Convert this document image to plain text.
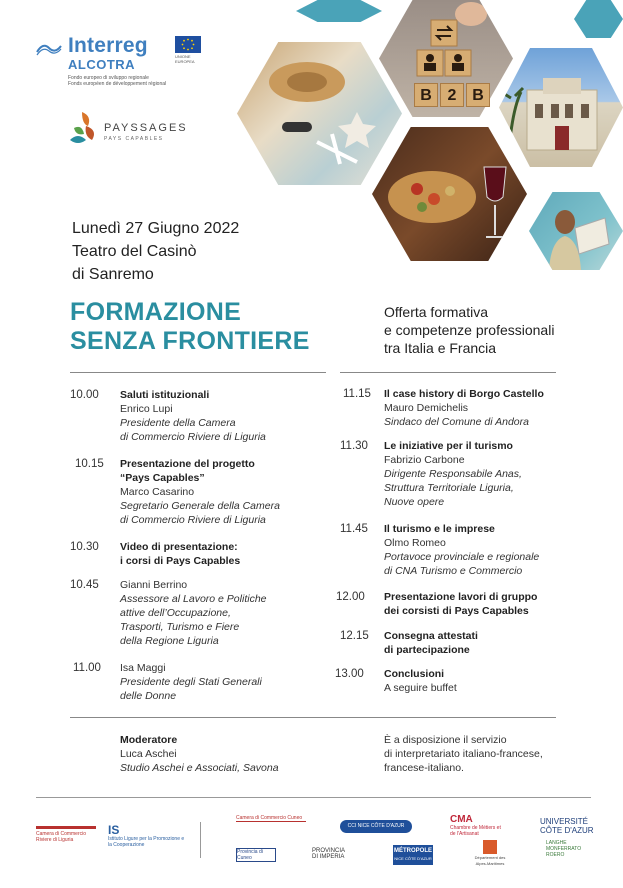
Interreg
ALCOTRA
Fondo europeo di sviluppo regionale
Fonds européen de développement régional
UNIONE EUROPEA
PAYSSAGES
PAYS CAPABLES
B 2 B
Lunedì 27 Giugno 2022
Teatro del Casinò
di Sanremo
FORMAZIONE
SENZA FRONTIERE
Offerta formativa
e competenze professionali
tra Italia e Francia
10.00 Saluti istituzionali
Enrico Lupi
Presidente della Camera
di Commercio Riviere di Liguria
10.15 Presentazione del progetto
“Pays Capables”
Marco Casarino
Segretario Generale della Camera
di Commercio Riviere di Liguria
10.30 Video di presentazione:
i corsi di Pays Capables
10.45 Gianni Berrino
Assessore al Lavoro e Politiche
attive dell’Occupazione,
Trasporti, Turismo e Fiere
della Regione Liguria
11.00 Isa Maggi
Presidente degli Stati Generali
delle Donne
11.15 Il case history di Borgo Castello
Mauro Demichelis
Sindaco del Comune di Andora
11.30 Le iniziative per il turismo
Fabrizio Carbone
Dirigente Responsabile Anas,
Struttura Territoriale Liguria,
Nuove opere
11.45 Il turismo e le imprese
Olmo Romeo
Portavoce provinciale e regionale
di CNA Turismo e Commercio
12.00 Presentazione lavori di gruppo
dei corsisti di Pays Capables
12.15 Consegna attestati
di partecipazione
13.00 Conclusioni
A seguire buffet
Moderatore
Luca Aschei
Studio Aschei e Associati, Savona
È a disposizione il servizio
di interpretariato italiano-francese,
francese-italiano.
Camera di Commercio Riviere di Liguria
IS
Istituto Ligure per la Promozione e la Cooperazione
Camera di Commercio Cuneo
CCI NICE CÔTE D'AZUR
CMA
Chambre de Métiers et de l'Artisanat
UNIVERSITÉ
CÔTE D'AZUR
Provincia di Cuneo
PROVINCIA
DI IMPERIA
MÉTROPOLE
NICE CÔTE D'AZUR	Département des Alpes-Maritimes
LANGHE
MONFERRATO
ROERO
